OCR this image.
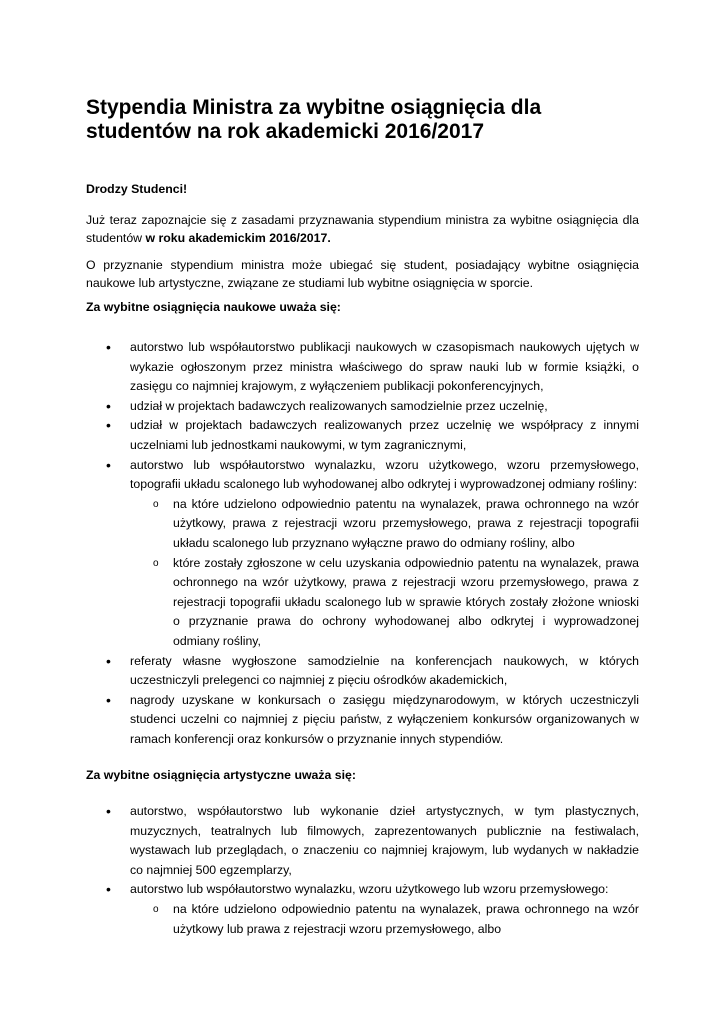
Stypendia Ministra za wybitne osiągnięcia dla studentów na rok akademicki 2016/2017
Drodzy Studenci!
Już teraz zapoznajcie się z zasadami przyznawania stypendium ministra za wybitne osiągnięcia dla studentów w roku akademickim 2016/2017.
O przyznanie stypendium ministra może ubiegać się student, posiadający wybitne osiągnięcia naukowe lub artystyczne, związane ze studiami lub wybitne osiągnięcia w sporcie.
Za wybitne osiągnięcia naukowe uważa się:
• autorstwo lub współautorstwo publikacji naukowych w czasopismach naukowych ujętych w wykazie ogłoszonym przez ministra właściwego do spraw nauki lub w formie książki, o zasięgu co najmniej krajowym, z wyłączeniem publikacji pokonferencyjnych,
• udział w projektach badawczych realizowanych samodzielnie przez uczelnię,
• udział w projektach badawczych realizowanych przez uczelnię we współpracy z innymi uczelniami lub jednostkami naukowymi, w tym zagranicznymi,
• autorstwo lub współautorstwo wynalazku, wzoru użytkowego, wzoru przemysłowego, topografii układu scalonego lub wyhodowanej albo odkrytej i wyprowadzonej odmiany rośliny:
o na które udzielono odpowiednio patentu na wynalazek, prawa ochronnego na wzór użytkowy, prawa z rejestracji wzoru przemysłowego, prawa z rejestracji topografii układu scalonego lub przyznano wyłączne prawo do odmiany rośliny, albo
o które zostały zgłoszone w celu uzyskania odpowiednio patentu na wynalazek, prawa ochronnego na wzór użytkowy, prawa z rejestracji wzoru przemysłowego, prawa z rejestracji topografii układu scalonego lub w sprawie których zostały złożone wnioski o przyznanie prawa do ochrony wyhodowanej albo odkrytej i wyprowadzonej odmiany rośliny,
• referaty własne wygłoszone samodzielnie na konferencjach naukowych, w których uczestniczyli prelegenci co najmniej z pięciu ośrodków akademickich,
• nagrody uzyskane w konkursach o zasięgu międzynarodowym, w których uczestniczyli studenci uczelni co najmniej z pięciu państw, z wyłączeniem konkursów organizowanych w ramach konferencji oraz konkursów o przyznanie innych stypendiów.
Za wybitne osiągnięcia artystyczne uważa się:
• autorstwo, współautorstwo lub wykonanie dzieł artystycznych, w tym plastycznych, muzycznych, teatralnych lub filmowych, zaprezentowanych publicznie na festiwalach, wystawach lub przeglądach, o znaczeniu co najmniej krajowym, lub wydanych w nakładzie co najmniej 500 egzemplarzy,
• autorstwo lub współautorstwo wynalazku, wzoru użytkowego lub wzoru przemysłowego:
o na które udzielono odpowiednio patentu na wynalazek, prawa ochronnego na wzór użytkowy lub prawa z rejestracji wzoru przemysłowego, albo
